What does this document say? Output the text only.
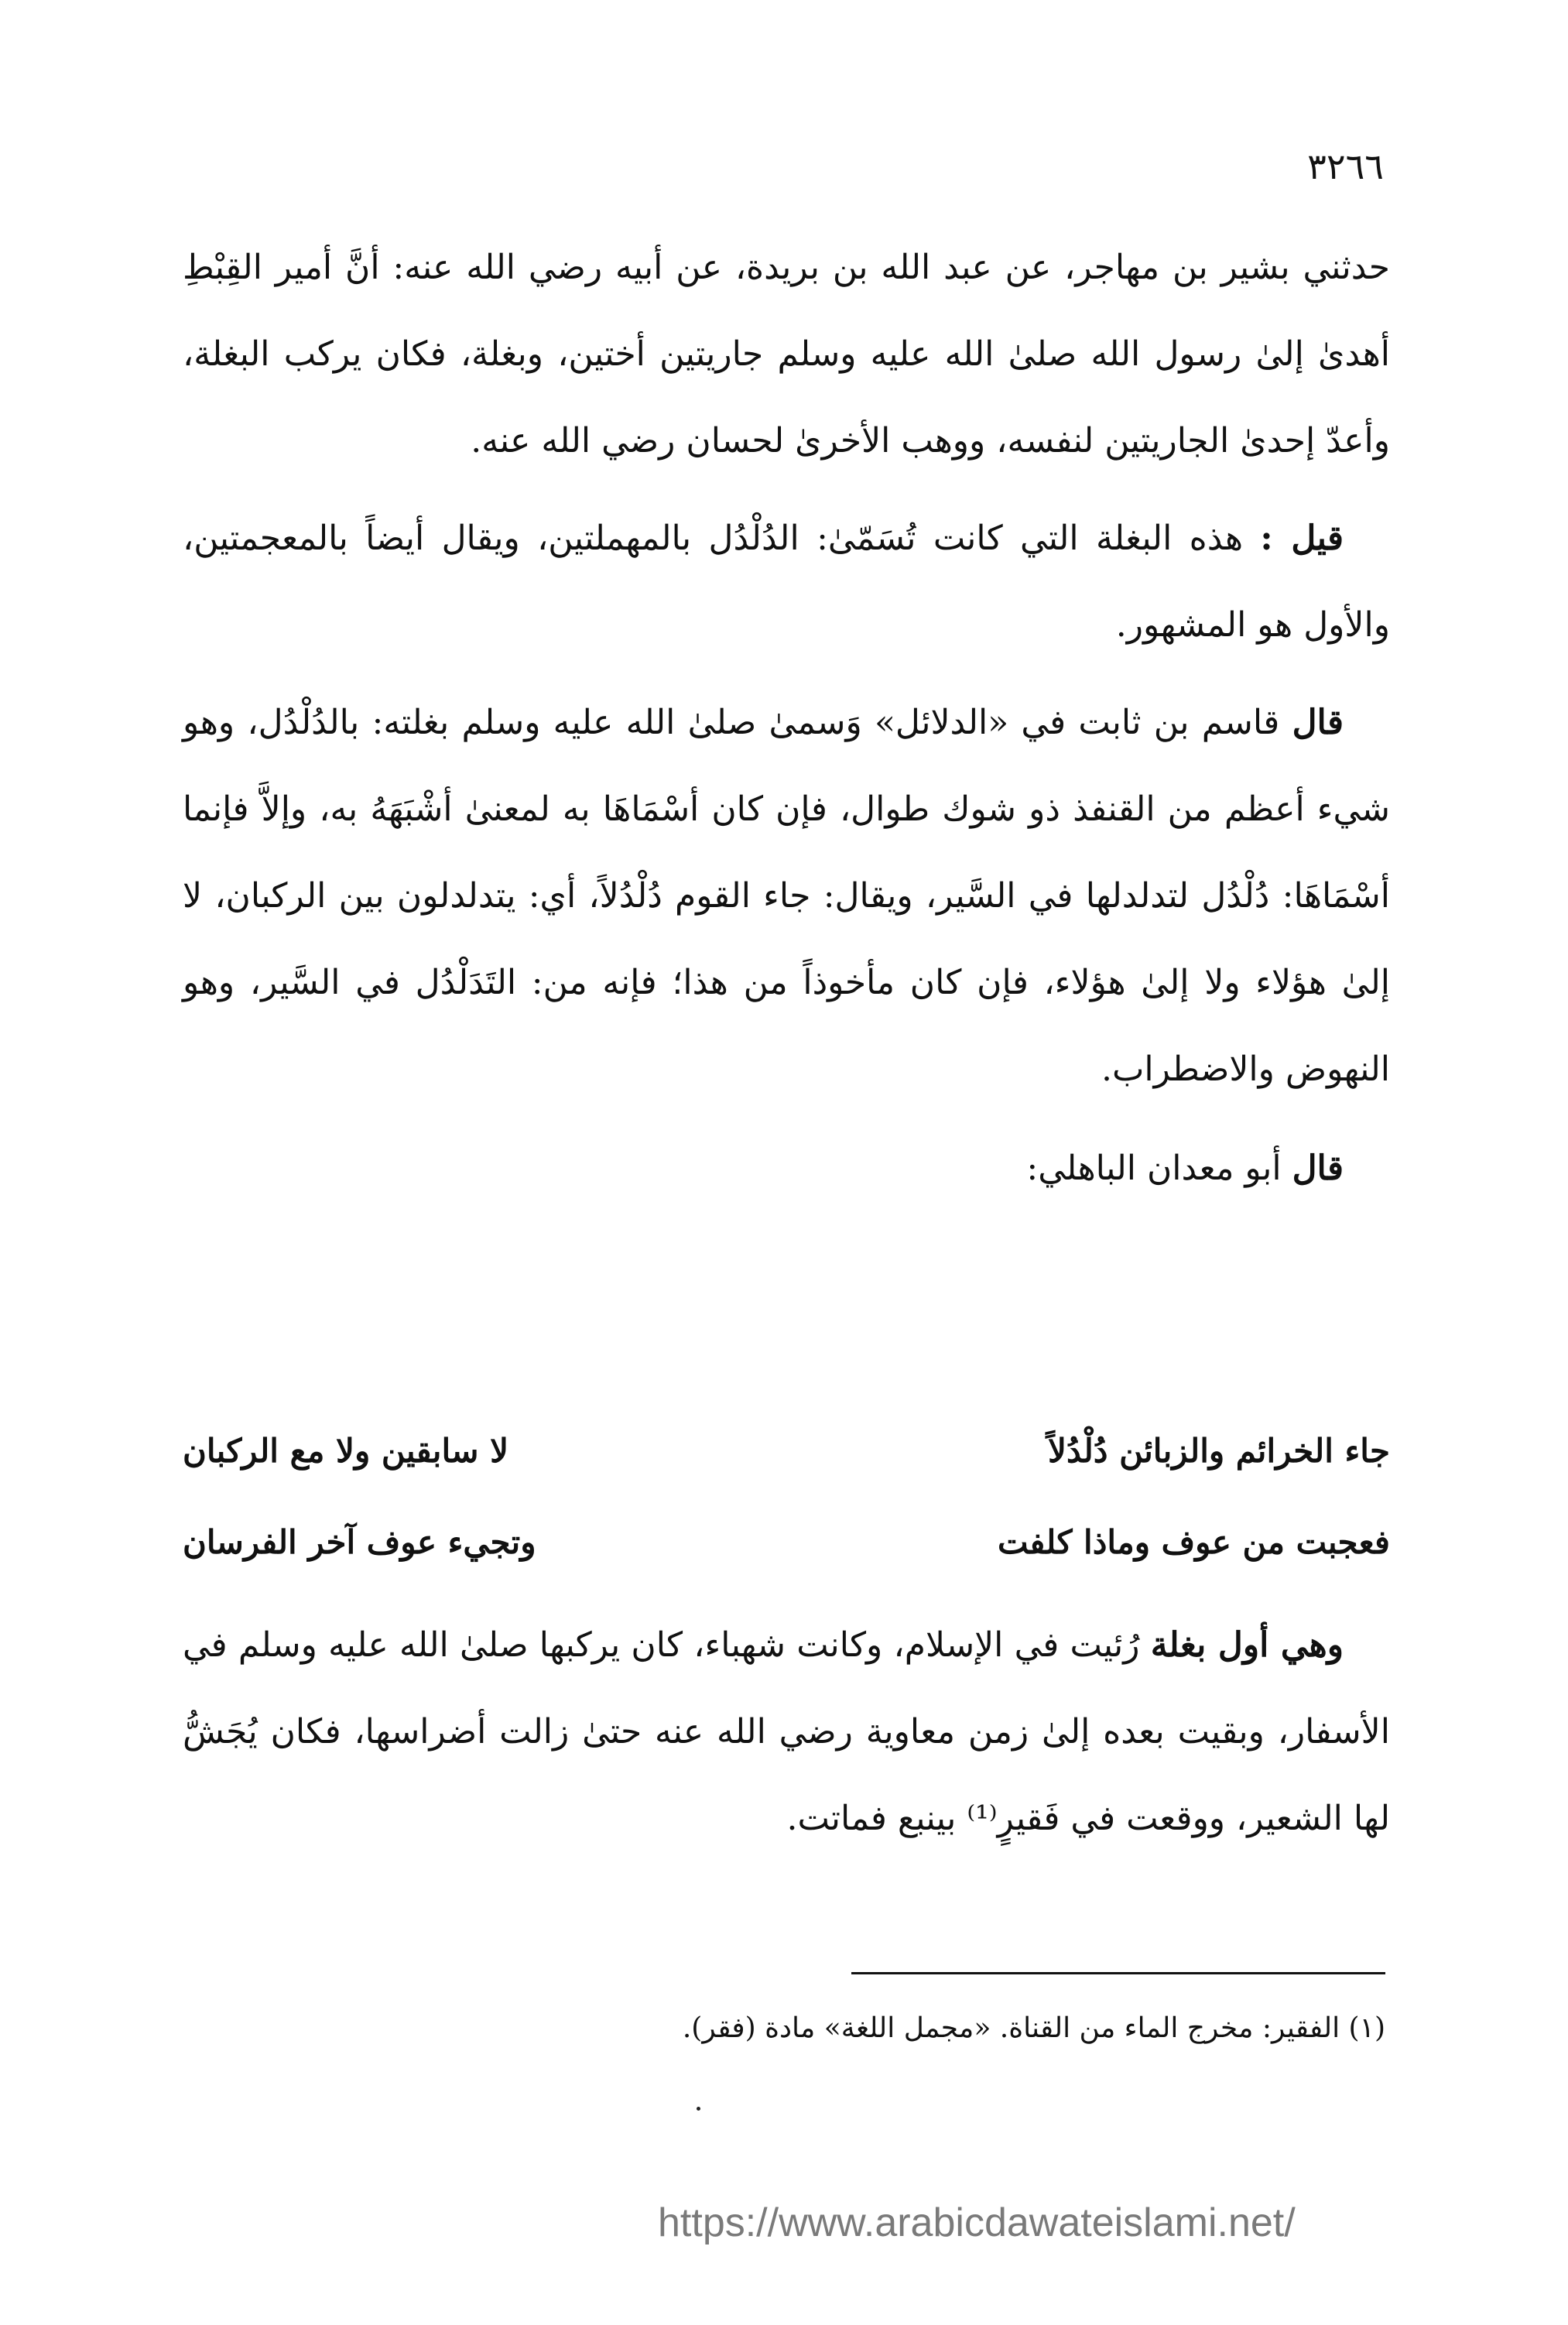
٣٢٦٦

حدثني بشير بن مهاجر، عن عبد الله بن بريدة، عن أبيه رضي الله عنه: أنَّ أمير القِبْطِ أهدىٰ إلىٰ رسول الله صلىٰ الله عليه وسلم جاريتين أختين، وبغلة، فكان يركب البغلة، وأعدّ إحدىٰ الجاريتين لنفسه، ووهب الأخرىٰ لحسان رضي الله عنه.

قيل : هذه البغلة التي كانت تُسَمّىٰ: الدُلْدُل بالمهملتين، ويقال أيضاً بالمعجمتين، والأول هو المشهور.

قال قاسم بن ثابت في «الدلائل» وَسمىٰ صلىٰ الله عليه وسلم بغلته: بالدُلْدُل، وهو شيء أعظم من القنفذ ذو شوك طوال، فإن كان أسْمَاهَا به لمعنىٰ أشْبَهَهُ به، وإلاَّ فإنما أسْمَاهَا: دُلْدُل لتدلدلها في السَّير، ويقال: جاء القوم دُلْدُلاً، أي: يتدلدلون بين الركبان، لا إلىٰ هؤلاء ولا إلىٰ هؤلاء، فإن كان مأخوذاً من هذا؛ فإنه من: التَدَلْدُل في السَّير، وهو النهوض والاضطراب.

قال أبو معدان الباهلي:

جاء الخرائم والزبائن دُلْدُلاً
لا سابقين ولا مع الركبان
فعجبت من عوف وماذا كلفت
وتجيء عوف آخر الفرسان

وهي أول بغلة رُئيت في الإسلام، وكانت شهباء، كان يركبها صلىٰ الله عليه وسلم في الأسفار، وبقيت بعده إلىٰ زمن معاوية رضي الله عنه حتىٰ زالت أضراسها، فكان يُجَشُّ لها الشعير، ووقعت في فَقيرٍ⁽¹⁾ بينبع فماتت.

(١) الفقير: مخرج الماء من القناة. «مجمل اللغة» مادة (فقر).
https://www.arabicdawateislami.net/
